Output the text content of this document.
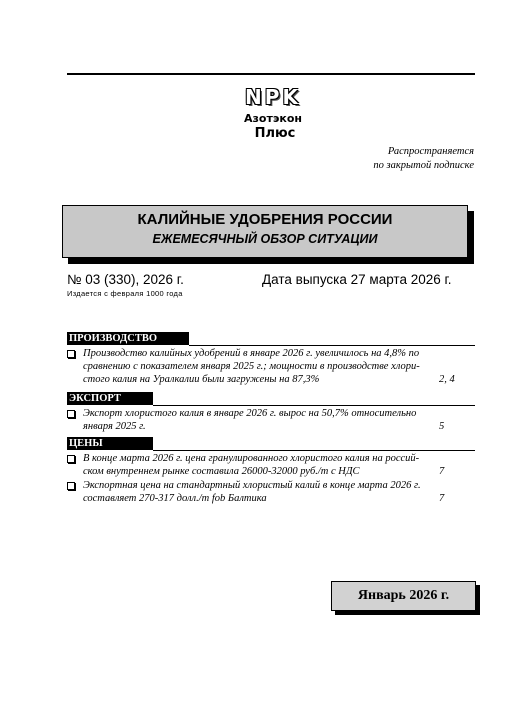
NPK
Азотэкон
Плюс
Распространяется
по закрытой подписке
КАЛИЙНЫЕ УДОБРЕНИЯ РОССИИ
ЕЖЕМЕСЯЧНЫЙ ОБЗОР СИТУАЦИИ
№ 03 (330), 2026 г.	Дата выпуска 27 марта 2026 г.
Издается с февраля 1000 года
ПРОИЗВОДСТВО
Производство калийных удобрений в январе 2026 г. увеличилось на 4,8% по
сравнению с показателем января 2025 г.; мощности в производстве хлори-
стого калия на Уралкалии были загружены на 87,3%	2, 4
ЭКСПОРТ
Экспорт хлористого калия в январе 2026 г. вырос на 50,7% относительно
января 2025 г.	5
ЦЕНЫ
В конце марта 2026 г. цена гранулированного хлористого калия на россий-
ском внутреннем рынке составила 26000-32000 руб./т с НДС	7
Экспортная цена на стандартный хлористый калий в конце марта 2026 г.
составляет 270-317 долл./т fob Балтика	7
Январь 2026 г.
